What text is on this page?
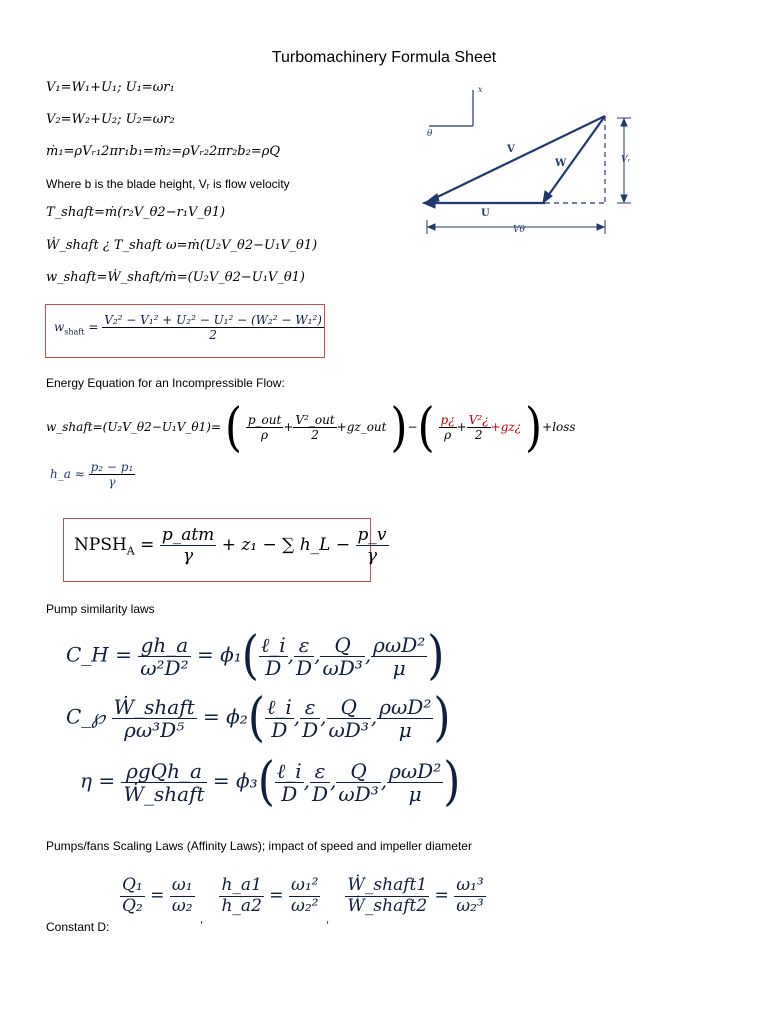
Turbomachinery Formula Sheet
V₁=W₁+U₁; U₁=ωr₁
V₂=W₂+U₂; U₂=ωr₂
ṁ₁=ρVᵣ₁2πr₁b₁=ṁ₂=ρVᵣ₂2πr₂b₂=ρQ
Where b is the blade height, Vᵣ is flow velocity
T_shaft=ṁ(r₂V_θ2−r₁V_θ1)
Ẇ_shaft ¿ T_shaft ω=ṁ(U₂V_θ2−U₁V_θ1)
w_shaft=Ẇ_shaft/ṁ=(U₂V_θ2−U₁V_θ1)
x
θ
V
W
U
Vᵣ
Vθ
$w_{shaft} = \frac{\text{V₂² − V₁² + U₂² − U₁² − (W₂² − W₁²)}}{2}$
Energy Equation for an Incompressible Flow:
w_shaft=(U₂V_θ2−U₁V_θ1)= ( $\frac{\text{p\_out}}{\rho} + \frac{\text{V²\_out}}{2}$ +gz_out )−( $\frac{p¿}{\rho} + \frac{\text{V²¿}}{2}$ +gz¿ )+loss
h_a ≈ $\frac{\text{p₂ − p₁}}{\gamma}$
$NPSH_A = \frac{\text{p\_atm}}{\gamma} + z_1$ − ∑ h_L − $\frac{p\_v}{\gamma}$
Pump similarity laws
C_H = $\frac{gh\_a}{\text{ω²D²}} = \phi_1( \frac{\text{ℓ\_i}}{D}$ , $\frac{\varepsilon}{D}$ , $\frac{Q}{\text{ωD³}}$ , $\frac{\text{ρωD²}}{\mu}$ )
C_℘ $\frac{\text{Ẇ\_shaft}}{\text{ρω³D⁵}} = \phi_2( \frac{\text{ℓ\_i}}{D}$ , $\frac{\varepsilon}{D}$ , $\frac{Q}{\text{ωD³}}$ , $\frac{\text{ρωD²}}{\mu}$ )
$\eta = \frac{\text{ρgQh\_a}}{\text{Ẇ\_shaft}} = \phi_3( \frac{\text{ℓ\_i}}{D}$ , $\frac{\varepsilon}{D}$ , $\frac{Q}{\text{ωD³}}$ , $\frac{\text{ρωD²}}{\mu}$ )
Pumps/fans Scaling Laws (Affinity Laws); impact of speed and impeller diameter
Constant D:
$\frac{\text{Q₁}}{\text{Q₂}} = \frac{\text{ω₁}}{\text{ω₂}}$
$_,$
$\frac{h\_a1}{h\_a2} = \frac{\text{ω₁²}}{\text{ω₂²}}$
$_,$
$\frac{\text{Ẇ\_shaft1}}{\text{Ẇ\_shaft2}} = \frac{\text{ω₁³}}{\text{ω₂³}}$
